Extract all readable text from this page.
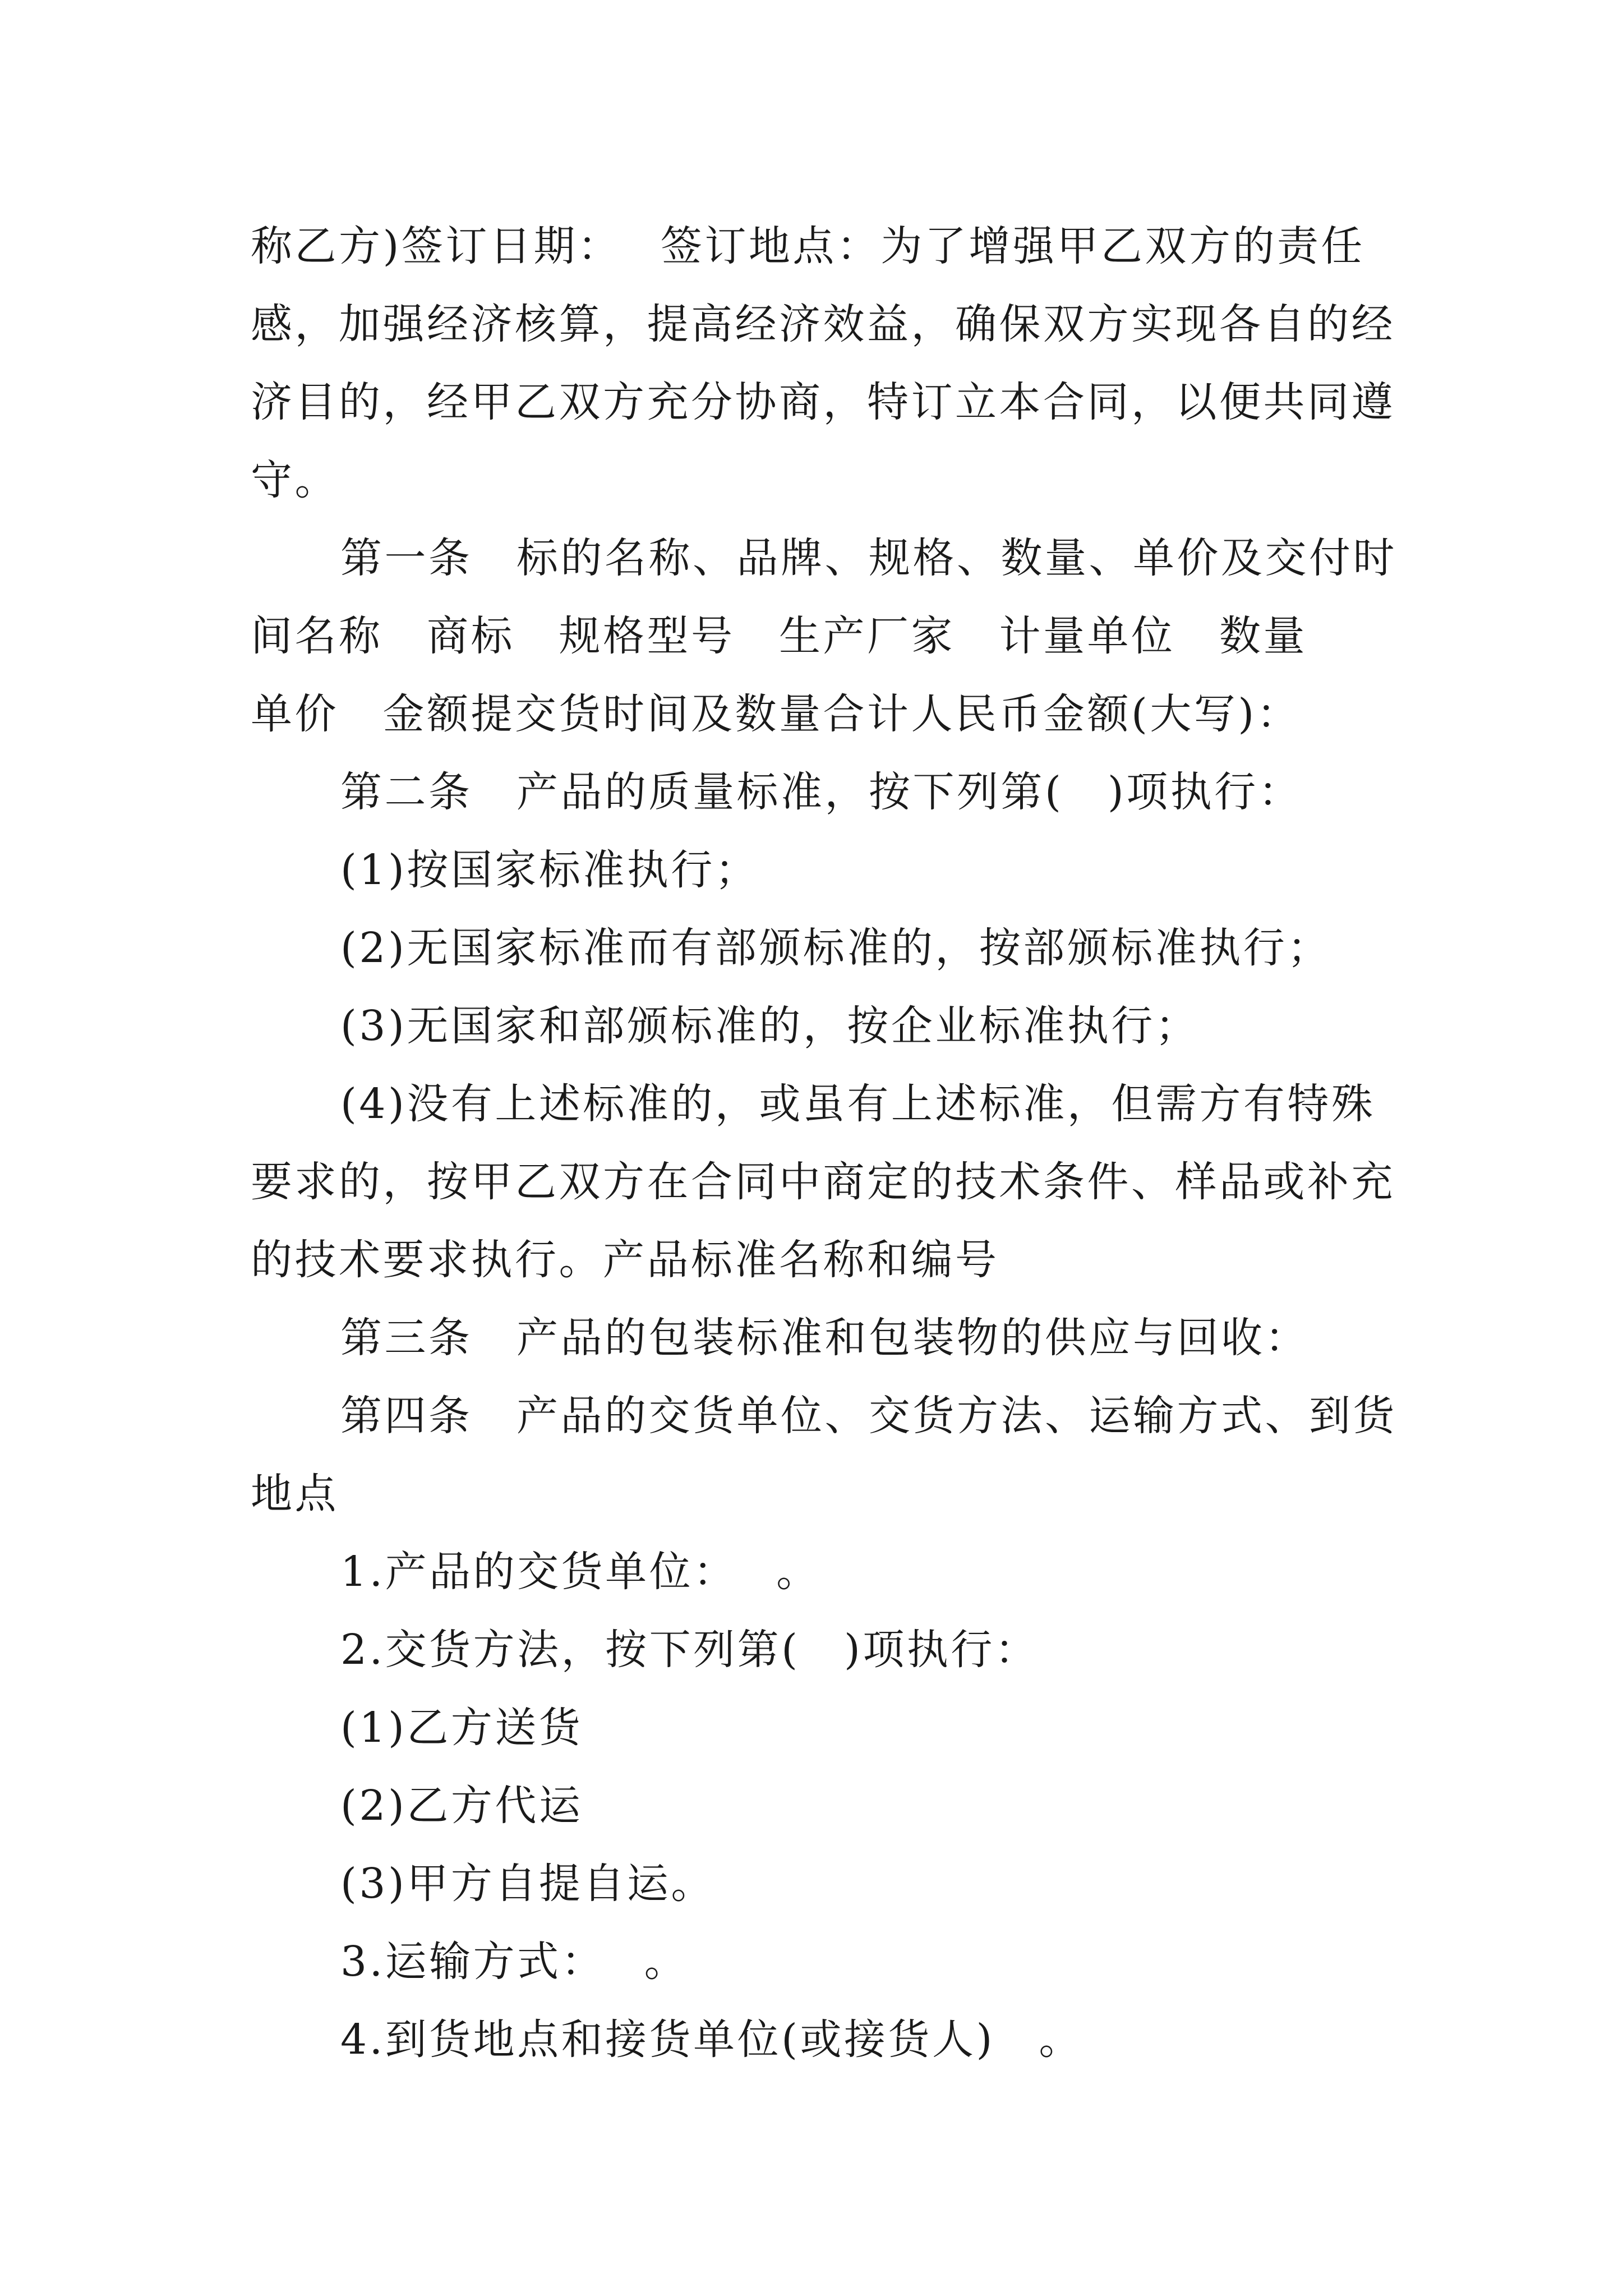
称乙方)签订日期：　 签订地点：为了增强甲乙双方的责任
感，加强经济核算，提高经济效益，确保双方实现各自的经
济目的，经甲乙双方充分协商，特订立本合同，以便共同遵
守。
第一条　标的名称、品牌、规格、数量、单价及交付时
间名称　商标　规格型号　生产厂家　计量单位　数量
单价　金额提交货时间及数量合计人民币金额(大写)：
第二条　产品的质量标准，按下列第(　)项执行：
(1)按国家标准执行；
(2)无国家标准而有部颁标准的，按部颁标准执行；
(3)无国家和部颁标准的，按企业标准执行；
(4)没有上述标准的，或虽有上述标准，但需方有特殊
要求的，按甲乙双方在合同中商定的技术条件、样品或补充
的技术要求执行。产品标准名称和编号
第三条　产品的包装标准和包装物的供应与回收：
第四条　产品的交货单位、交货方法、运输方式、到货
地点
1.产品的交货单位：　 。
2.交货方法，按下列第(　)项执行：
(1)乙方送货
(2)乙方代运
(3)甲方自提自运。
3.运输方式：　 。
4.到货地点和接货单位(或接货人)　。
